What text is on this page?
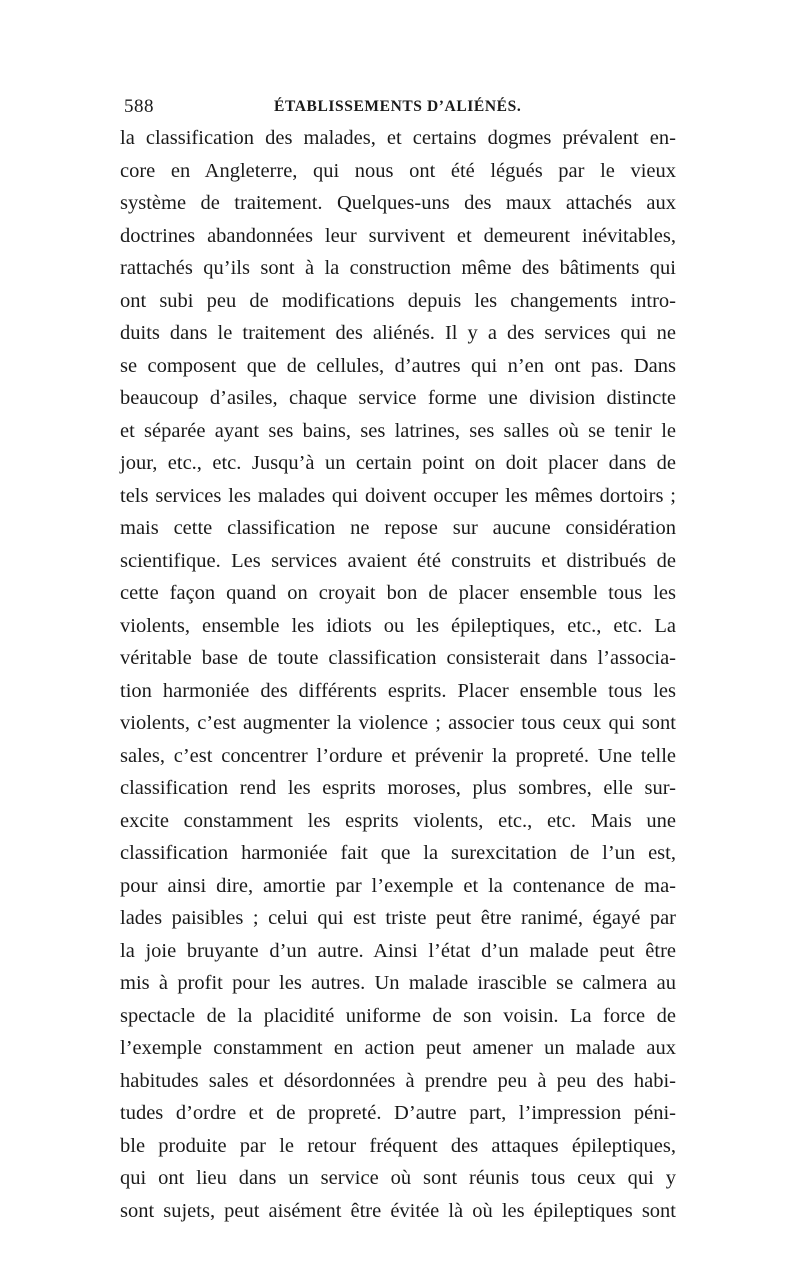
588	ÉTABLISSEMENTS D’ALIÉNÉS.
la classification des malades, et certains dogmes prévalent en-
core en Angleterre, qui nous ont été légués par le vieux
système de traitement. Quelques-uns des maux attachés aux
doctrines abandonnées leur survivent et demeurent inévitables,
rattachés qu’ils sont à la construction même des bâtiments qui
ont subi peu de modifications depuis les changements intro-
duits dans le traitement des aliénés. Il y a des services qui ne
se composent que de cellules, d’autres qui n’en ont pas. Dans
beaucoup d’asiles, chaque service forme une division distincte
et séparée ayant ses bains, ses latrines, ses salles où se tenir le
jour, etc., etc. Jusqu’à un certain point on doit placer dans de
tels services les malades qui doivent occuper les mêmes dortoirs ;
mais cette classification ne repose sur aucune considération
scientifique. Les services avaient été construits et distribués de
cette façon quand on croyait bon de placer ensemble tous les
violents, ensemble les idiots ou les épileptiques, etc., etc. La
véritable base de toute classification consisterait dans l’associa-
tion harmoniée des différents esprits. Placer ensemble tous les
violents, c’est augmenter la violence ; associer tous ceux qui sont
sales, c’est concentrer l’ordure et prévenir la propreté. Une telle
classification rend les esprits moroses, plus sombres, elle sur-
excite constamment les esprits violents, etc., etc. Mais une
classification harmoniée fait que la surexcitation de l’un est,
pour ainsi dire, amortie par l’exemple et la contenance de ma-
lades paisibles ; celui qui est triste peut être ranimé, égayé par
la joie bruyante d’un autre. Ainsi l’état d’un malade peut être
mis à profit pour les autres. Un malade irascible se calmera au
spectacle de la placidité uniforme de son voisin. La force de
l’exemple constamment en action peut amener un malade aux
habitudes sales et désordonnées à prendre peu à peu des habi-
tudes d’ordre et de propreté. D’autre part, l’impression péni-
ble produite par le retour fréquent des attaques épileptiques,
qui ont lieu dans un service où sont réunis tous ceux qui y
sont sujets, peut aisément être évitée là où les épileptiques sont
